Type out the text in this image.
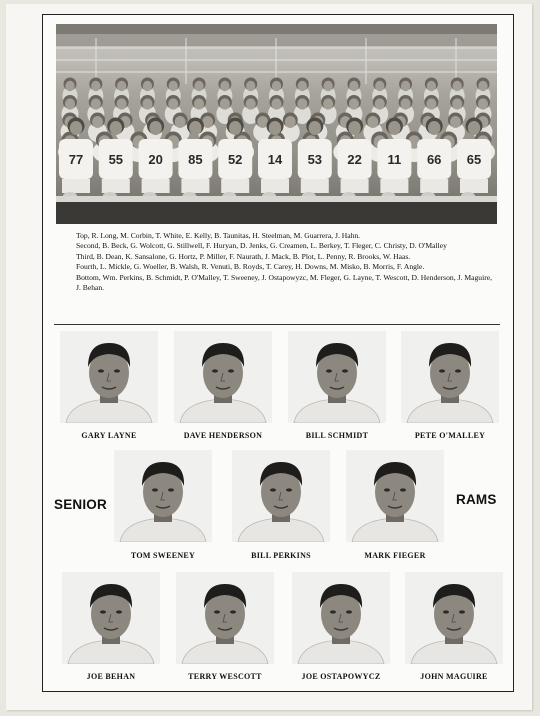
77 55 20 85 52 14 53 22 11 66 65
Top, R. Long, M. Corbin, T. White, E. Kelly, B. Taunitas, H. Steelman, M. Guarrera, J. Hahn.
Second, B. Beck, G. Wolcott, G. Stillwell, F. Huryan, D. Jenks, G. Creamen, L. Berkey, T. Fleger, C. Christy, D. O'Malley
Third, B. Dean, K. Sansalone, G. Hortz, P. Miller, F. Naurath, J. Mack, B. Plot, L. Penny, R. Brooks, W. Haas.
Fourth, L. Mickle, G. Woeller, B. Walsh, R. Venuti, B. Royds, T. Carey, H. Downs, M. Misko, B. Morris, F. Angle.
Bottom, Wm. Perkins, B. Schmidt, P. O'Malley, T. Sweeney, J. Ostapowyzc, M. Fleger, G. Layne, T. Wescott, D. Henderson, J. Maguire, J. Behan.
SENIOR	RAMS
GARY LAYNE	DAVE HENDERSON	BILL SCHMIDT	PETE O'MALLEY
TOM SWEENEY	BILL PERKINS	MARK FIEGER
JOE BEHAN	TERRY WESCOTT	JOE OSTAPOWYCZ	JOHN MAGUIRE
